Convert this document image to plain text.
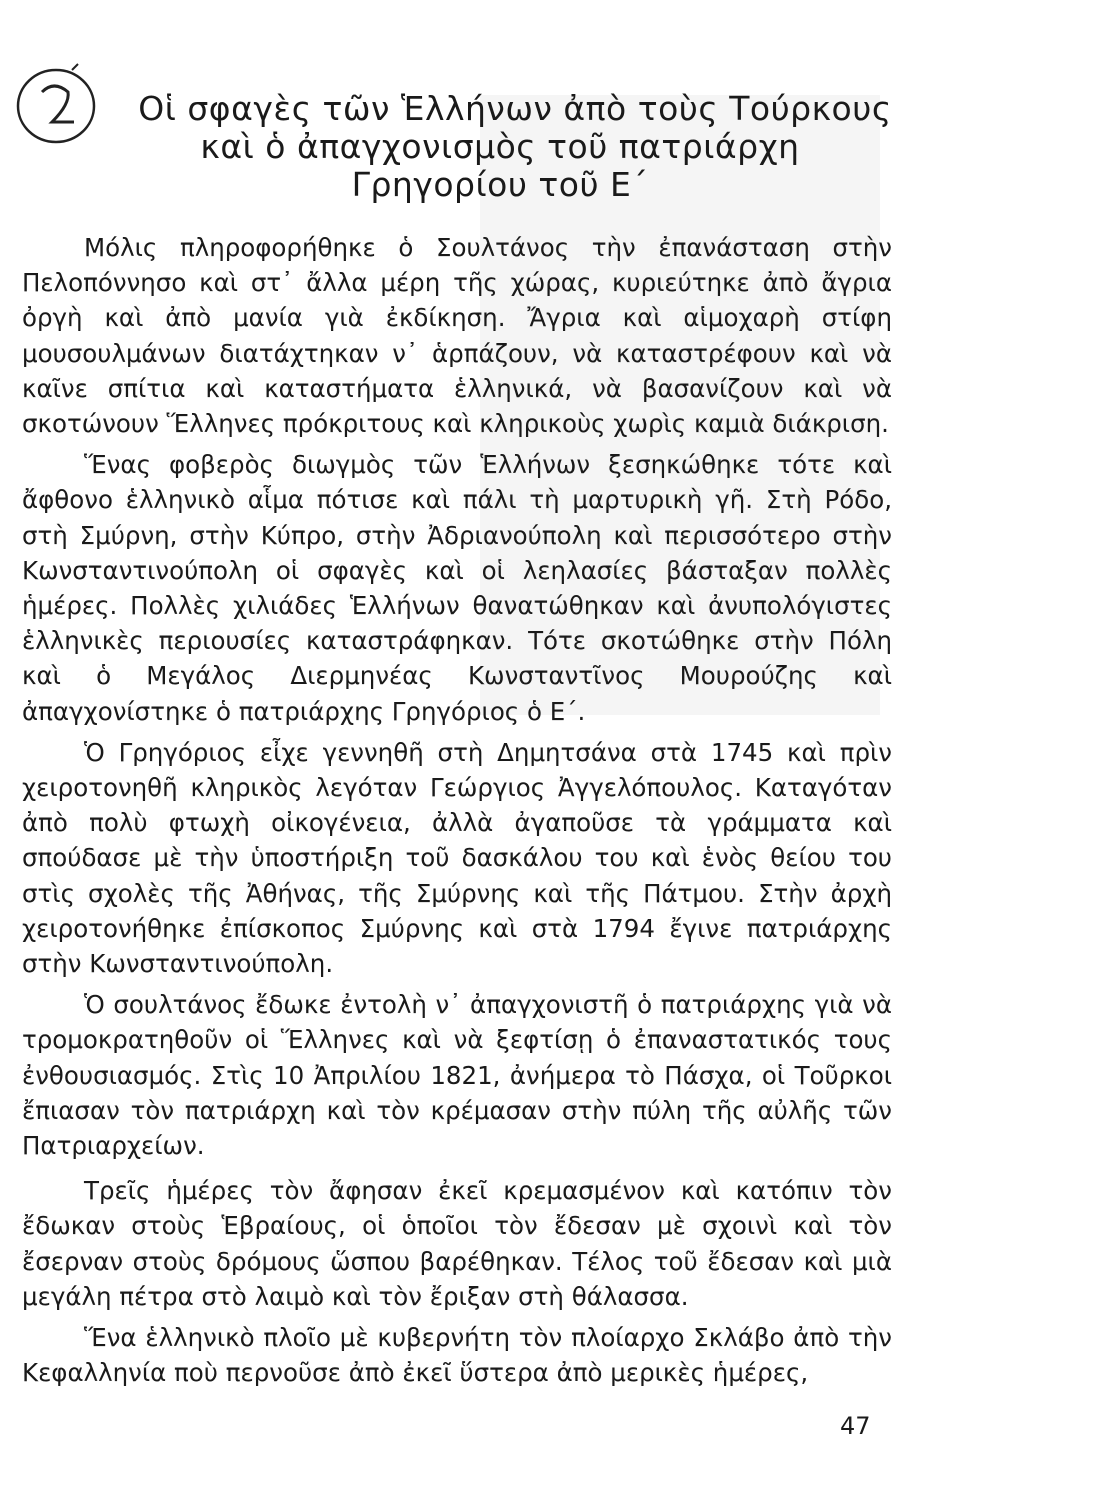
Οἱ σφαγὲς τῶν Ἑλλήνων ἀπὸ τοὺς Τούρκους
καὶ ὁ ἀπαγχονισμὸς τοῦ πατριάρχη
Γρηγορίου τοῦ Ε΄

Μόλις πληροφορήθηκε ὁ Σουλτάνος τὴν ἐπανάσταση στὴν Πελοπόννησο καὶ στ᾽ ἄλλα μέρη τῆς χώρας, κυριεύτηκε ἀπὸ ἄγρια ὀργὴ καὶ ἀπὸ μανία γιὰ ἐκδίκηση. Ἄγρια καὶ αἱμοχαρὴ στίφη μουσουλμάνων διατάχτηκαν ν᾽ ἁρπάζουν, νὰ καταστρέφουν καὶ νὰ καῖνε σπίτια καὶ καταστήματα ἑλληνικά, νὰ βασανίζουν καὶ νὰ σκοτώνουν Ἕλληνες πρόκριτους καὶ κληρικοὺς χωρὶς καμιὰ διάκριση.

Ἕνας φοβερὸς διωγμὸς τῶν Ἑλλήνων ξεσηκώθηκε τότε καὶ ἄφθονο ἑλληνικὸ αἷμα πότισε καὶ πάλι τὴ μαρτυρικὴ γῆ. Στὴ Ρόδο, στὴ Σμύρνη, στὴν Κύπρο, στὴν Ἀδριανούπολη καὶ περισσότερο στὴν Κωνσταντινούπολη οἱ σφαγὲς καὶ οἱ λεηλασίες βάσταξαν πολλὲς ἡμέρες. Πολλὲς χιλιάδες Ἑλλήνων θανατώθηκαν καὶ ἀνυπολόγιστες ἑλληνικὲς περιουσίες καταστράφηκαν. Τότε σκοτώθηκε στὴν Πόλη καὶ ὁ Μεγάλος Διερμηνέας Κωνσταντῖνος Μουρούζης καὶ ἀπαγχονίστηκε ὁ πατριάρχης Γρηγόριος ὁ Ε΄.

Ὁ Γρηγόριος εἶχε γεννηθῆ στὴ Δημητσάνα στὰ 1745 καὶ πρὶν χειροτονηθῆ κληρικὸς λεγόταν Γεώργιος Ἀγγελόπουλος. Καταγόταν ἀπὸ πολὺ φτωχὴ οἰκογένεια, ἀλλὰ ἀγαποῦσε τὰ γράμματα καὶ σπούδασε μὲ τὴν ὑποστήριξη τοῦ δασκάλου του καὶ ἑνὸς θείου του στὶς σχολὲς τῆς Ἀθήνας, τῆς Σμύρνης καὶ τῆς Πάτμου. Στὴν ἀρχὴ χειροτονήθηκε ἐπίσκοπος Σμύρνης καὶ στὰ 1794 ἔγινε πατριάρχης στὴν Κωνσταντινούπολη.

Ὁ σουλτάνος ἔδωκε ἐντολὴ ν᾽ ἀπαγχονιστῆ ὁ πατριάρχης γιὰ νὰ τρομοκρατηθοῦν οἱ Ἕλληνες καὶ νὰ ξεφτίσῃ ὁ ἐπαναστατικός τους ἐνθουσιασμός. Στὶς 10 Ἀπριλίου 1821, ἀνήμερα τὸ Πάσχα, οἱ Τοῦρκοι ἔπιασαν τὸν πατριάρχη καὶ τὸν κρέμασαν στὴν πύλη τῆς αὐλῆς τῶν Πατριαρχείων.

Τρεῖς ἡμέρες τὸν ἄφησαν ἐκεῖ κρεμασμένον καὶ κατόπιν τὸν ἔδωκαν στοὺς Ἑβραίους, οἱ ὁποῖοι τὸν ἔδεσαν μὲ σχοινὶ καὶ τὸν ἔσερναν στοὺς δρόμους ὥσπου βαρέθηκαν. Τέλος τοῦ ἔδεσαν καὶ μιὰ μεγάλη πέτρα στὸ λαιμὸ καὶ τὸν ἔριξαν στὴ θάλασσα.

Ἕνα ἑλληνικὸ πλοῖο μὲ κυβερνήτη τὸν πλοίαρχο Σκλάβο ἀπὸ τὴν Κεφαλληνία ποὺ περνοῦσε ἀπὸ ἐκεῖ ὕστερα ἀπὸ μερικὲς ἡμέρες,

47
